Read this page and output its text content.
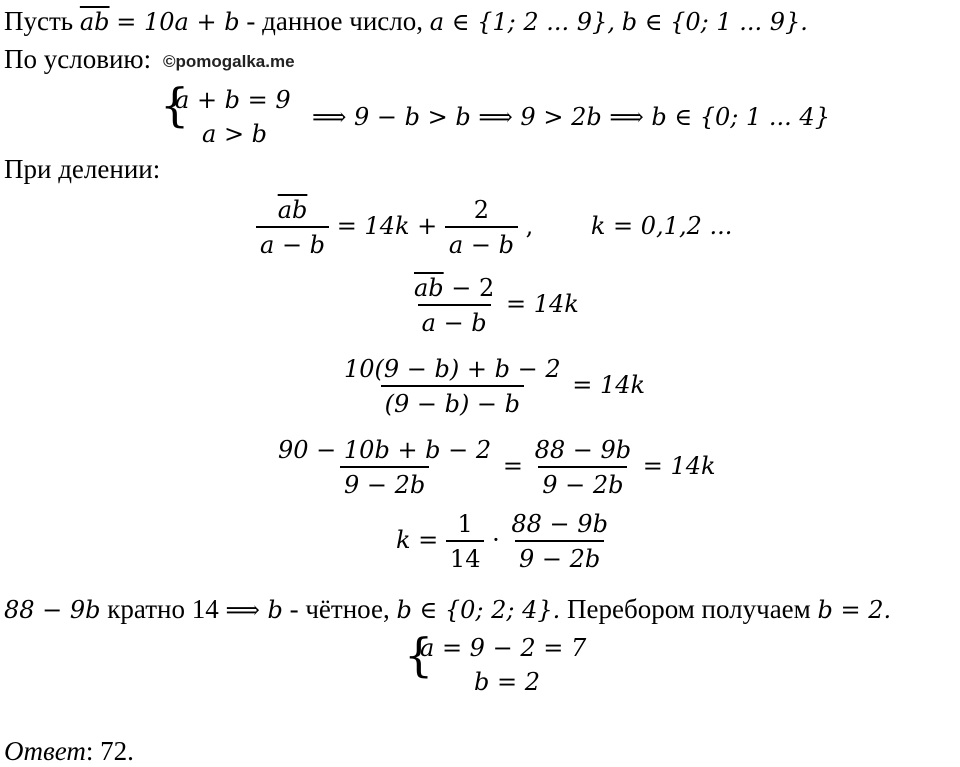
©pomogalka.me
Пусть $\overline{ab} = 10a + b$ - данное число, a ∈ {1; 2 ... 9}, b ∈ {0; 1 ... 9}.
По условию:
{
a + b = 9
a > b
⟹ 9 − b > b ⟹ 9 > 2b ⟹ b ∈ {0; 1 ... 4}
При делении:
$\frac{\overline{ab}}{a - b} = 14k + \frac{2}{a - b}$ , k = 0,1,2 ...
$\frac{\overline{ab} - 2}{a - b} = 14k$
$\frac{10(9 - b) + b - 2}{(9 - b) - b} = 14k$
$\frac{90 - 10b + b - 2}{9 - 2b} = \frac{88 - 9b}{9 - 2b} = 14k$
$k = \frac{1}{14} \cdot \frac{88 - 9b}{9 - 2b}$
88 − 9b кратно 14 ⟹ b - чётное, b ∈ {0; 2; 4}. Перебором получаем b = 2.
{
a = 9 − 2 = 7
b = 2
Ответ: 72.
